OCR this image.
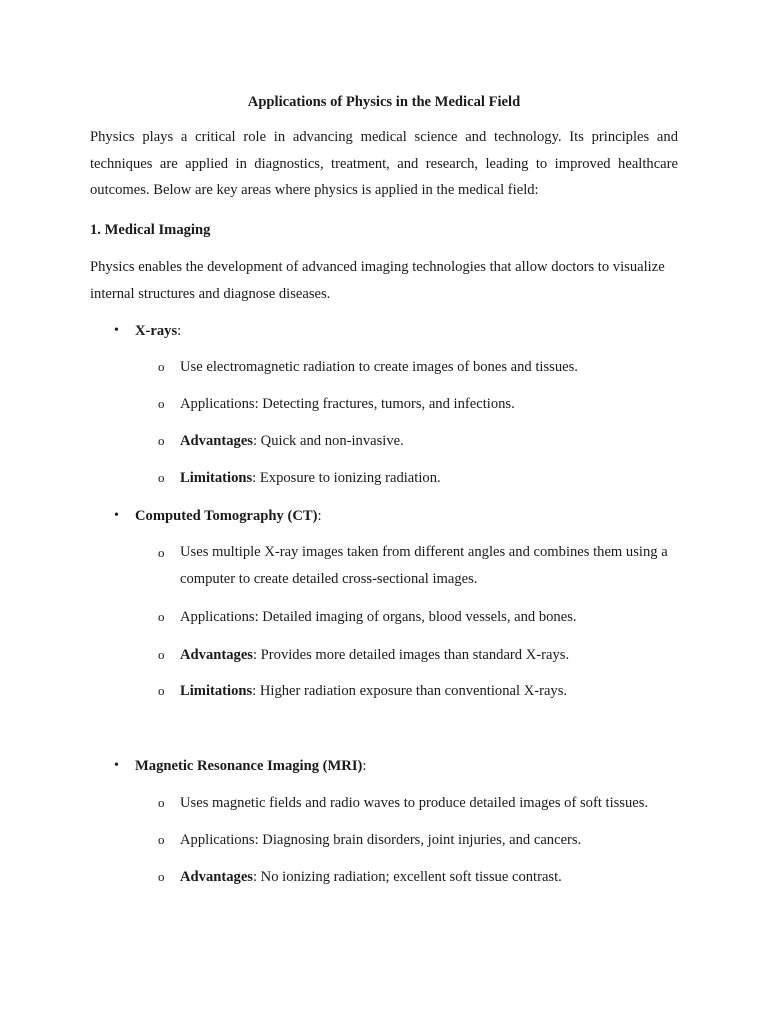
Applications of Physics in the Medical Field

Physics plays a critical role in advancing medical science and technology. Its principles and techniques are applied in diagnostics, treatment, and research, leading to improved healthcare outcomes. Below are key areas where physics is applied in the medical field:

1. Medical Imaging

Physics enables the development of advanced imaging technologies that allow doctors to visualize internal structures and diagnose diseases.

• X-rays:
o Use electromagnetic radiation to create images of bones and tissues.
o Applications: Detecting fractures, tumors, and infections.
o Advantages: Quick and non-invasive.
o Limitations: Exposure to ionizing radiation.
• Computed Tomography (CT):
o Uses multiple X-ray images taken from different angles and combines them using a computer to create detailed cross-sectional images.
o Applications: Detailed imaging of organs, blood vessels, and bones.
o Advantages: Provides more detailed images than standard X-rays.
o Limitations: Higher radiation exposure than conventional X-rays.
• Magnetic Resonance Imaging (MRI):
o Uses magnetic fields and radio waves to produce detailed images of soft tissues.
o Applications: Diagnosing brain disorders, joint injuries, and cancers.
o Advantages: No ionizing radiation; excellent soft tissue contrast.
